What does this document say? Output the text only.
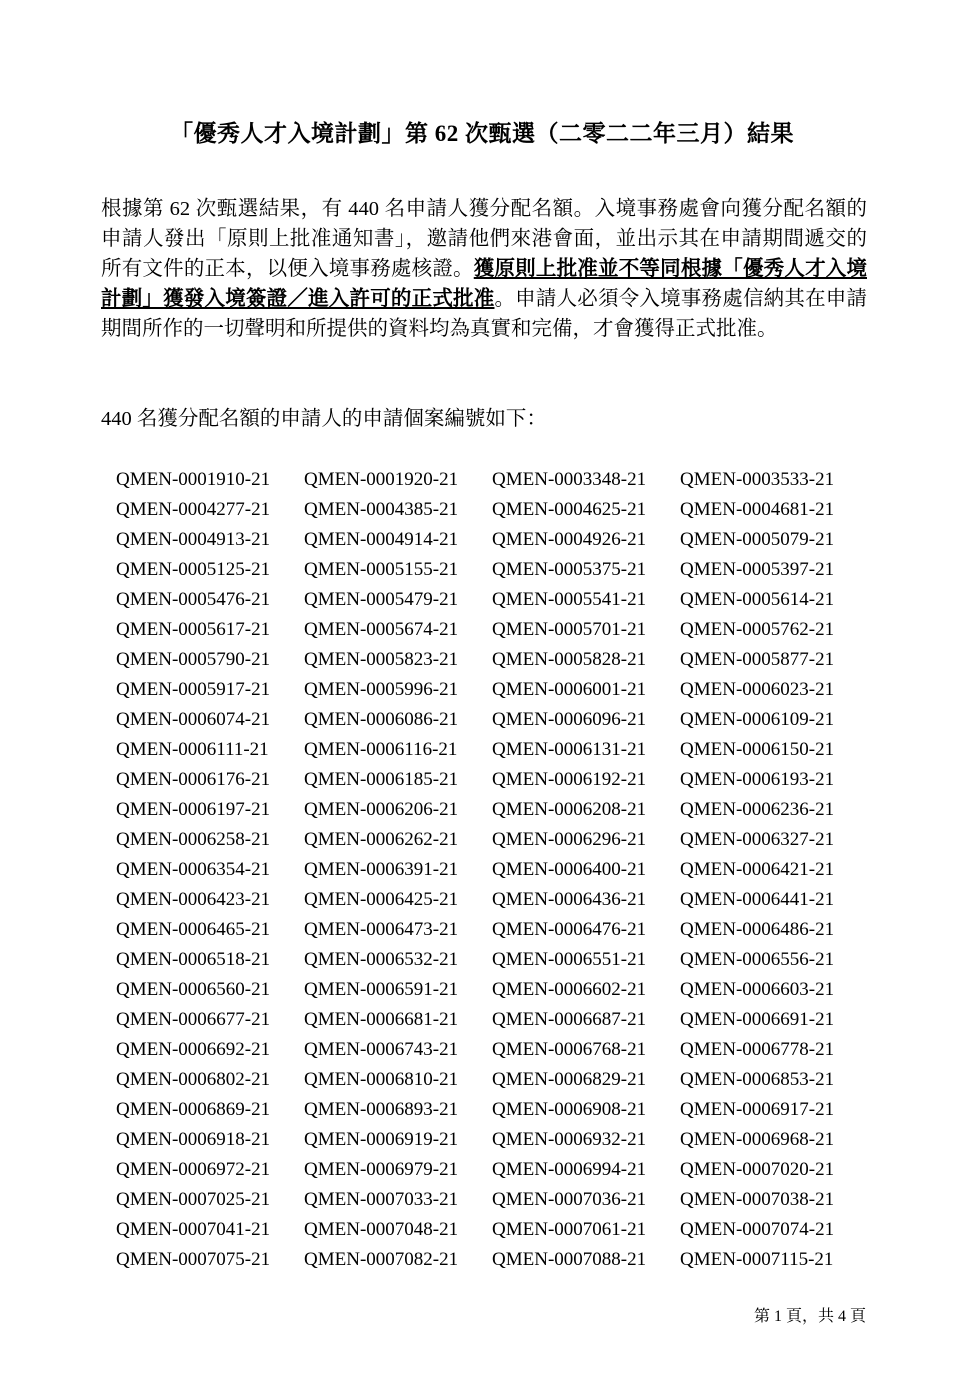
「優秀人才入境計劃」第 62 次甄選（二零二二年三月）結果
根據第 62 次甄選結果，有 440 名申請人獲分配名額。入境事務處會向獲分配名額的申請人發出「原則上批准通知書」，邀請他們來港會面，並出示其在申請期間遞交的所有文件的正本，以便入境事務處核證。獲原則上批准並不等同根據「優秀人才入境計劃」獲發入境簽證／進入許可的正式批准。申請人必須令入境事務處信納其在申請期間所作的一切聲明和所提供的資料均為真實和完備，才會獲得正式批准。
440 名獲分配名額的申請人的申請個案編號如下：
QMEN-0001910-21	QMEN-0001920-21	QMEN-0003348-21	QMEN-0003533-21
QMEN-0004277-21	QMEN-0004385-21	QMEN-0004625-21	QMEN-0004681-21
QMEN-0004913-21	QMEN-0004914-21	QMEN-0004926-21	QMEN-0005079-21
QMEN-0005125-21	QMEN-0005155-21	QMEN-0005375-21	QMEN-0005397-21
QMEN-0005476-21	QMEN-0005479-21	QMEN-0005541-21	QMEN-0005614-21
QMEN-0005617-21	QMEN-0005674-21	QMEN-0005701-21	QMEN-0005762-21
QMEN-0005790-21	QMEN-0005823-21	QMEN-0005828-21	QMEN-0005877-21
QMEN-0005917-21	QMEN-0005996-21	QMEN-0006001-21	QMEN-0006023-21
QMEN-0006074-21	QMEN-0006086-21	QMEN-0006096-21	QMEN-0006109-21
QMEN-0006111-21	QMEN-0006116-21	QMEN-0006131-21	QMEN-0006150-21
QMEN-0006176-21	QMEN-0006185-21	QMEN-0006192-21	QMEN-0006193-21
QMEN-0006197-21	QMEN-0006206-21	QMEN-0006208-21	QMEN-0006236-21
QMEN-0006258-21	QMEN-0006262-21	QMEN-0006296-21	QMEN-0006327-21
QMEN-0006354-21	QMEN-0006391-21	QMEN-0006400-21	QMEN-0006421-21
QMEN-0006423-21	QMEN-0006425-21	QMEN-0006436-21	QMEN-0006441-21
QMEN-0006465-21	QMEN-0006473-21	QMEN-0006476-21	QMEN-0006486-21
QMEN-0006518-21	QMEN-0006532-21	QMEN-0006551-21	QMEN-0006556-21
QMEN-0006560-21	QMEN-0006591-21	QMEN-0006602-21	QMEN-0006603-21
QMEN-0006677-21	QMEN-0006681-21	QMEN-0006687-21	QMEN-0006691-21
QMEN-0006692-21	QMEN-0006743-21	QMEN-0006768-21	QMEN-0006778-21
QMEN-0006802-21	QMEN-0006810-21	QMEN-0006829-21	QMEN-0006853-21
QMEN-0006869-21	QMEN-0006893-21	QMEN-0006908-21	QMEN-0006917-21
QMEN-0006918-21	QMEN-0006919-21	QMEN-0006932-21	QMEN-0006968-21
QMEN-0006972-21	QMEN-0006979-21	QMEN-0006994-21	QMEN-0007020-21
QMEN-0007025-21	QMEN-0007033-21	QMEN-0007036-21	QMEN-0007038-21
QMEN-0007041-21	QMEN-0007048-21	QMEN-0007061-21	QMEN-0007074-21
QMEN-0007075-21	QMEN-0007082-21	QMEN-0007088-21	QMEN-0007115-21
第 1 頁，共 4 頁
